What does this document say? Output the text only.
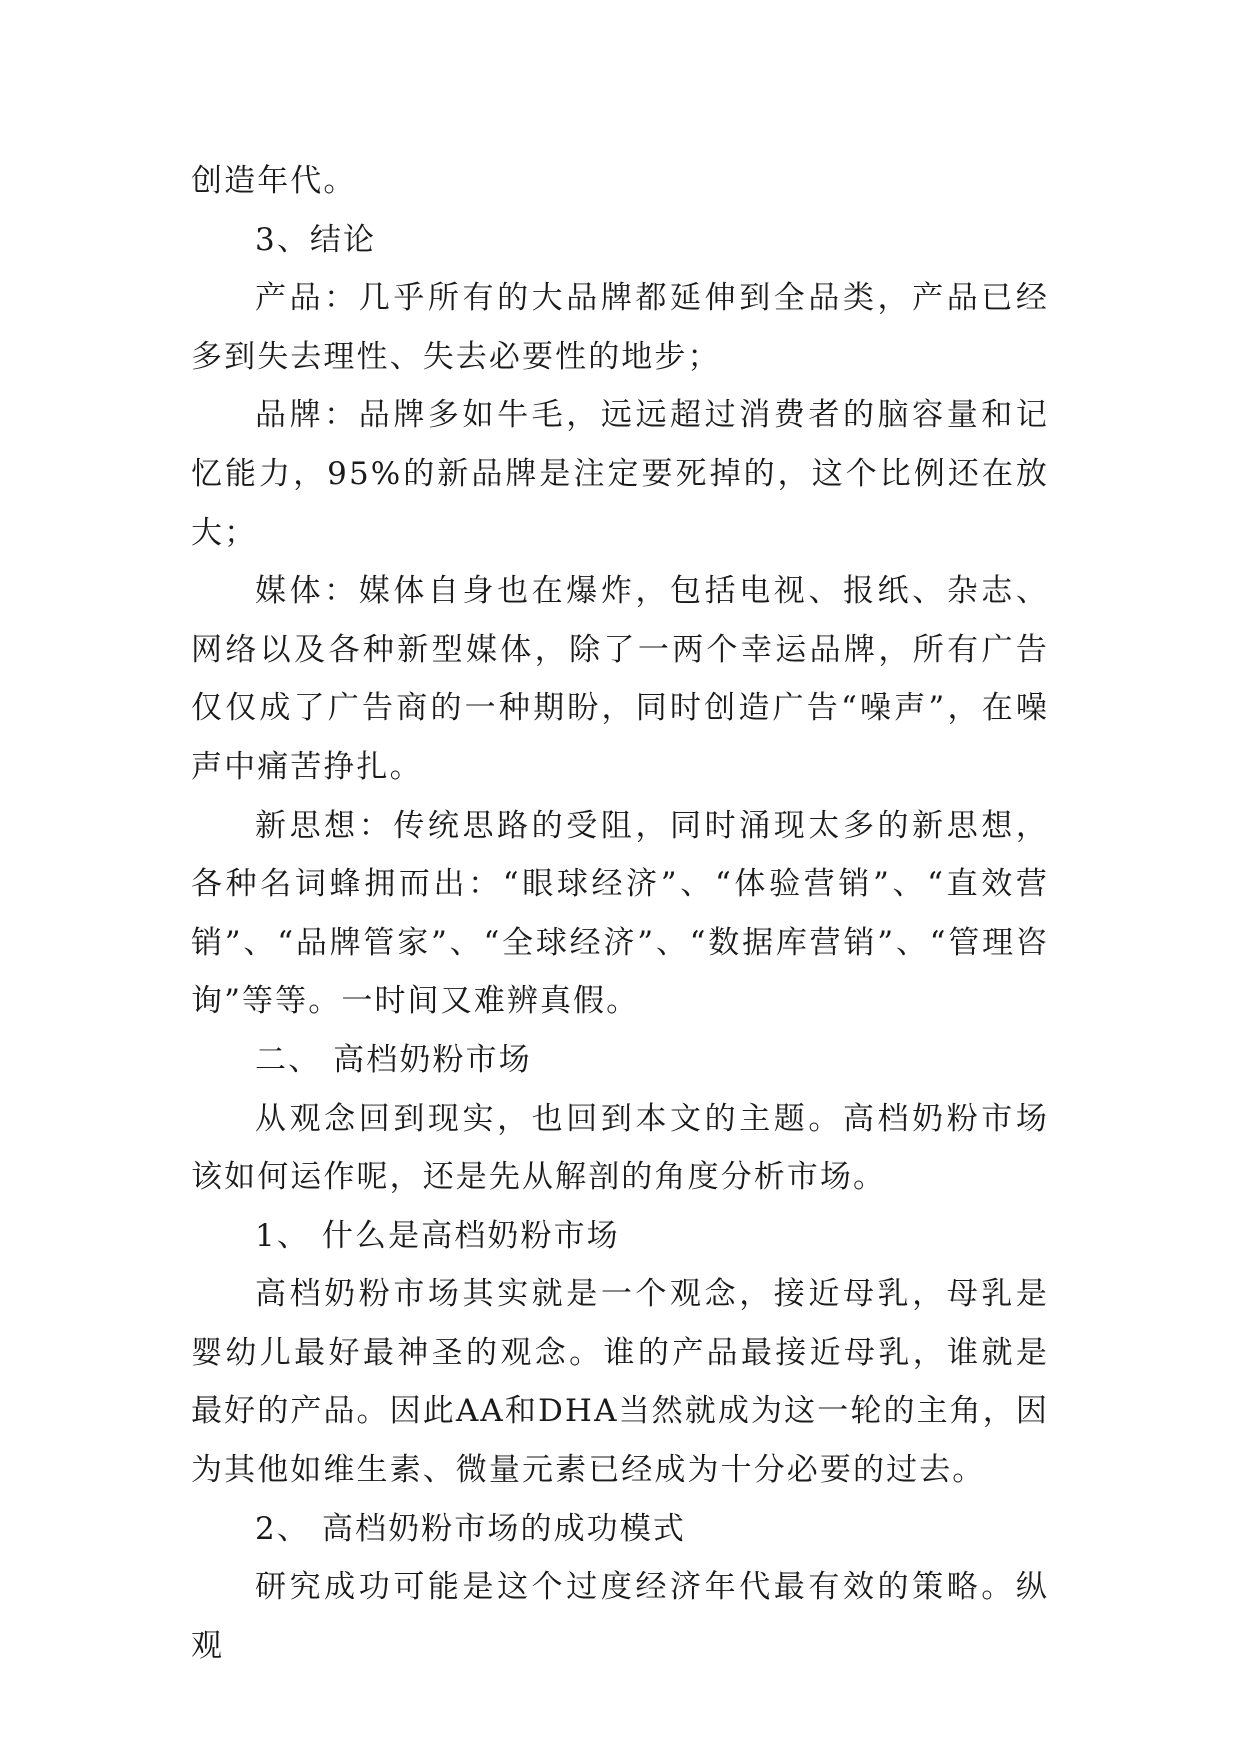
创造年代。

3、结论

产品：几乎所有的大品牌都延伸到全品类，产品已经多到失去理性、失去必要性的地步；

品牌：品牌多如牛毛，远远超过消费者的脑容量和记忆能力，95%的新品牌是注定要死掉的，这个比例还在放大；

媒体：媒体自身也在爆炸，包括电视、报纸、杂志、网络以及各种新型媒体，除了一两个幸运品牌，所有广告仅仅成了广告商的一种期盼，同时创造广告“噪声”，在噪声中痛苦挣扎。

新思想：传统思路的受阻，同时涌现太多的新思想，各种名词蜂拥而出：“眼球经济”、“体验营销”、“直效营销”、“品牌管家”、“全球经济”、“数据库营销”、“管理咨询”等等。一时间又难辨真假。

二、 高档奶粉市场

从观念回到现实，也回到本文的主题。高档奶粉市场该如何运作呢，还是先从解剖的角度分析市场。

1、 什么是高档奶粉市场

高档奶粉市场其实就是一个观念，接近母乳，母乳是婴幼儿最好最神圣的观念。谁的产品最接近母乳，谁就是最好的产品。因此AA和DHA当然就成为这一轮的主角，因为其他如维生素、微量元素已经成为十分必要的过去。

2、 高档奶粉市场的成功模式

研究成功可能是这个过度经济年代最有效的策略。纵观
